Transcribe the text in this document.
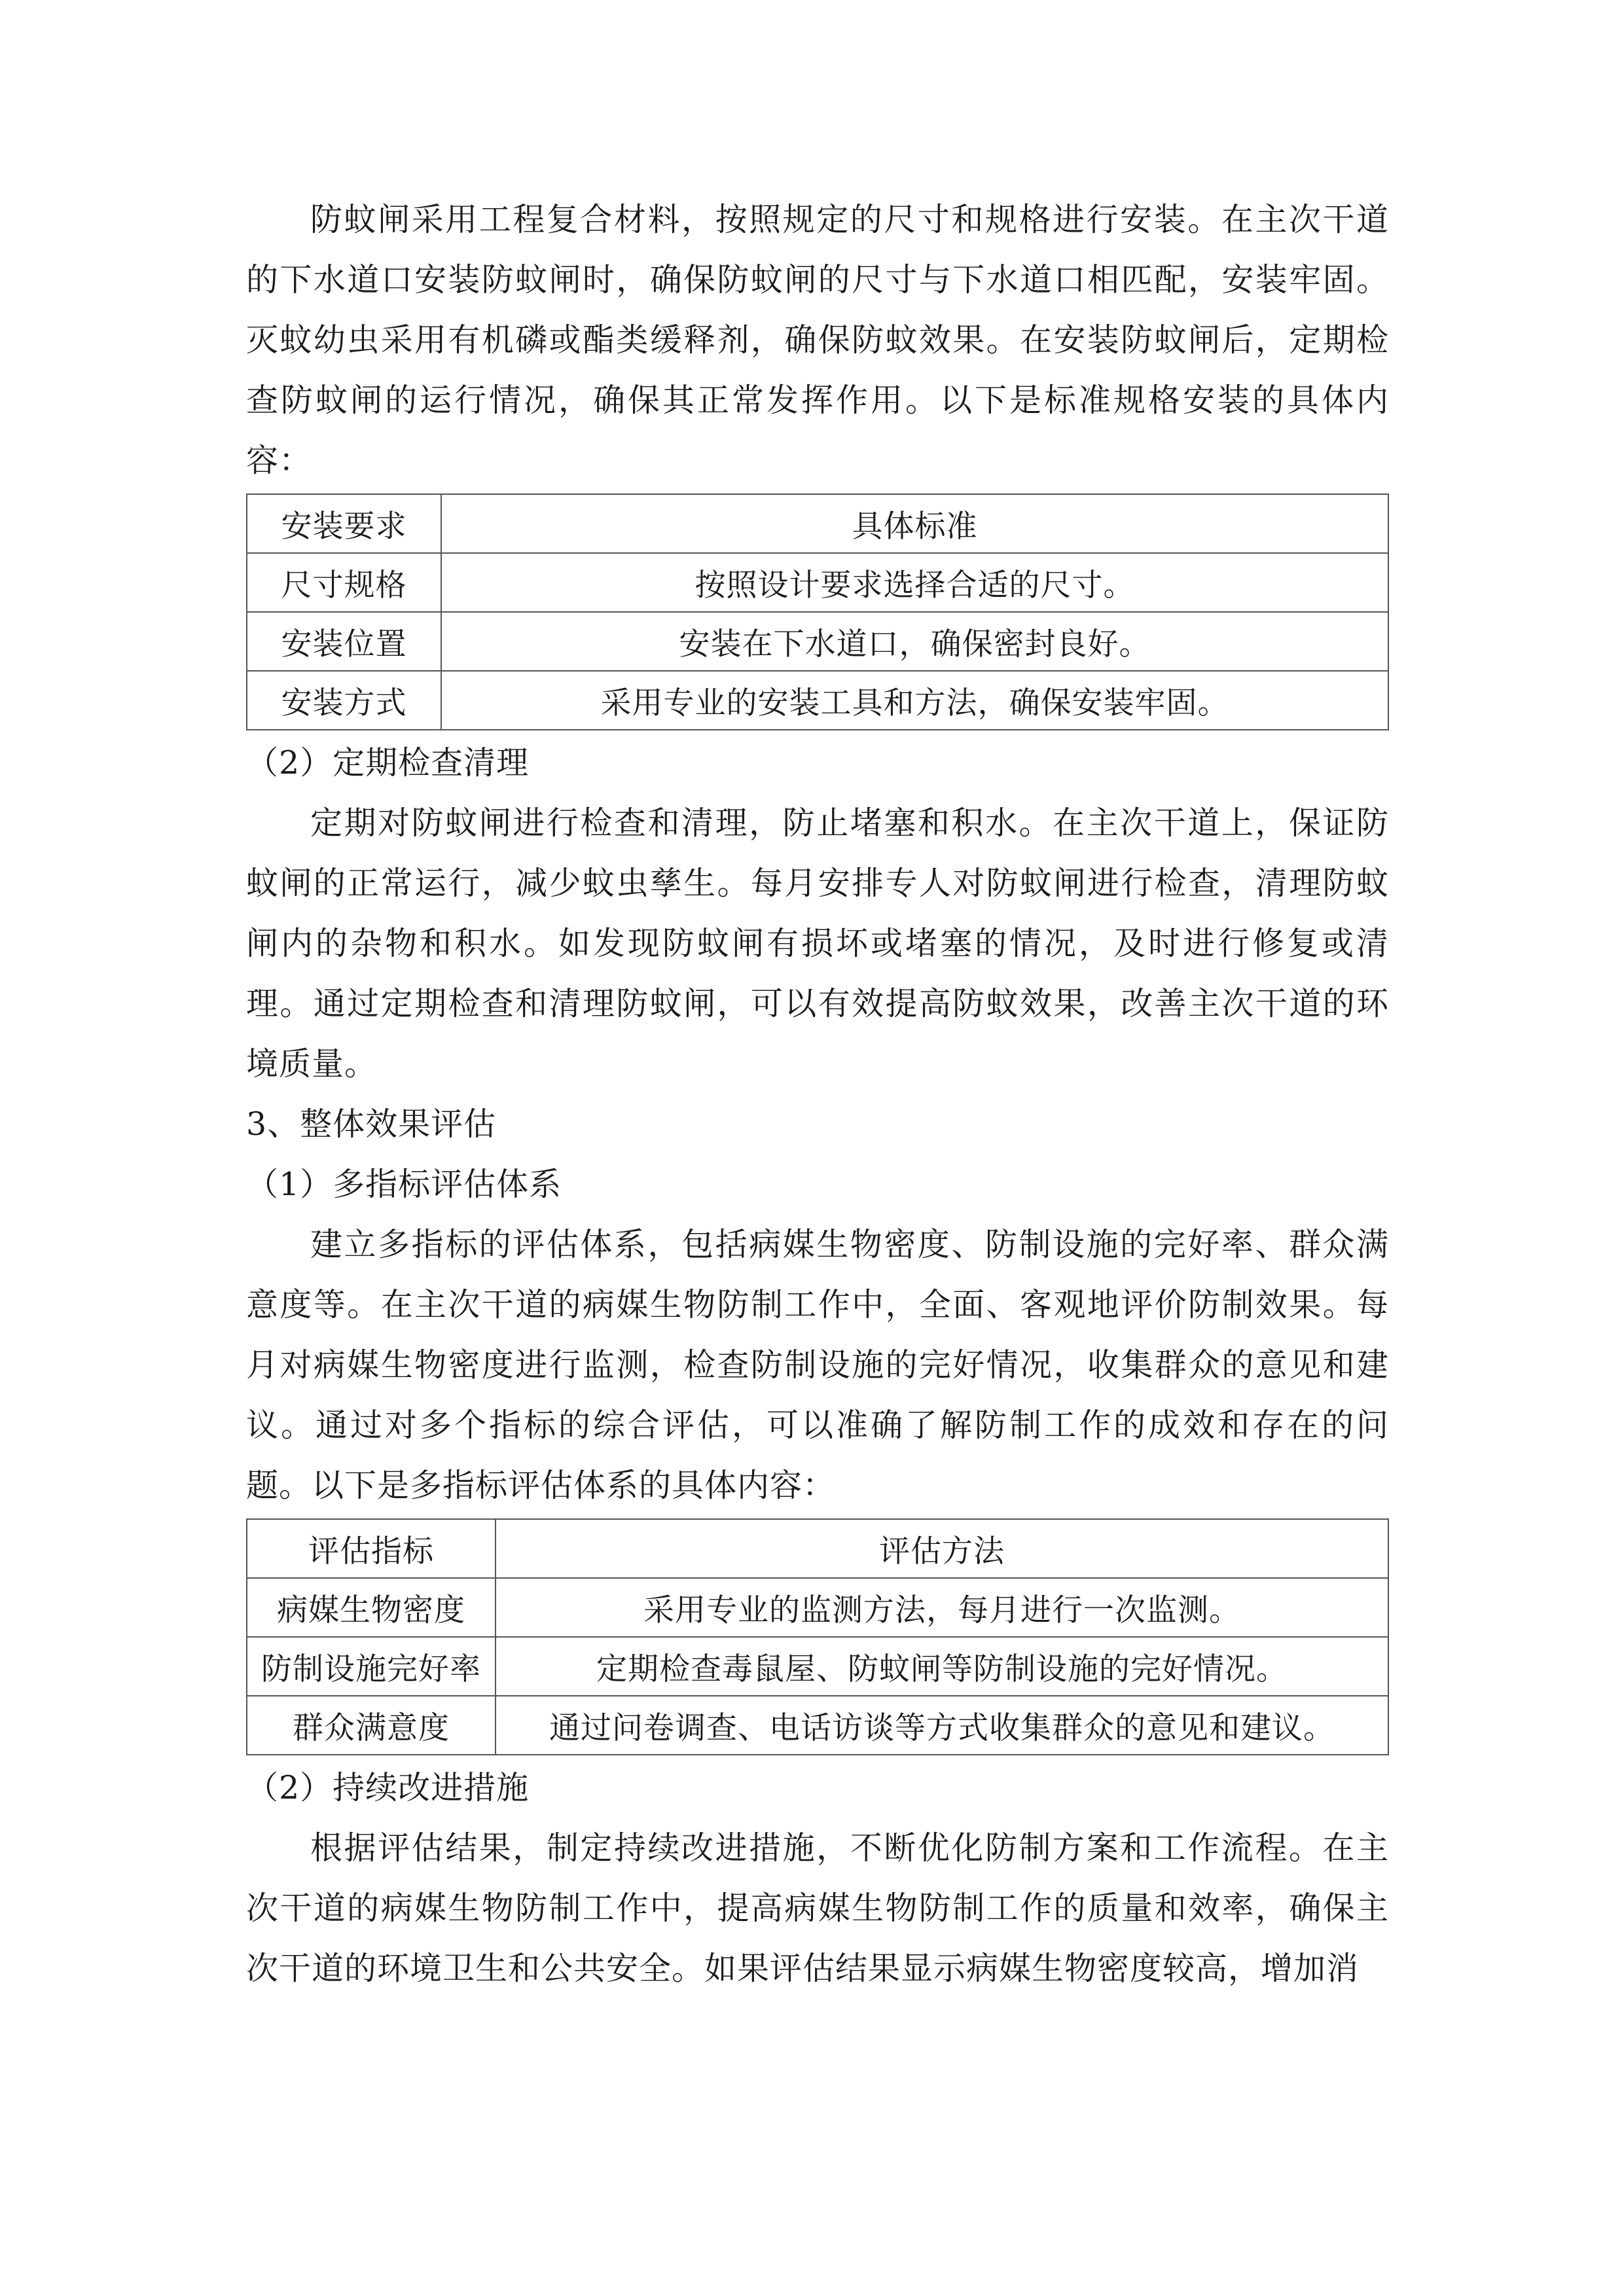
防蚊闸采用工程复合材料，按照规定的尺寸和规格进行安装。在主次干道的下水道口安装防蚊闸时，确保防蚊闸的尺寸与下水道口相匹配，安装牢固。灭蚊幼虫采用有机磷或酯类缓释剂，确保防蚊效果。在安装防蚊闸后，定期检查防蚊闸的运行情况，确保其正常发挥作用。以下是标准规格安装的具体内容：

安装要求	具体标准
尺寸规格	按照设计要求选择合适的尺寸。
安装位置	安装在下水道口，确保密封良好。
安装方式	采用专业的安装工具和方法，确保安装牢固。

（2）定期检查清理

定期对防蚊闸进行检查和清理，防止堵塞和积水。在主次干道上，保证防蚊闸的正常运行，减少蚊虫孳生。每月安排专人对防蚊闸进行检查，清理防蚊闸内的杂物和积水。如发现防蚊闸有损坏或堵塞的情况，及时进行修复或清理。通过定期检查和清理防蚊闸，可以有效提高防蚊效果，改善主次干道的环境质量。

3、整体效果评估

（1）多指标评估体系

建立多指标的评估体系，包括病媒生物密度、防制设施的完好率、群众满意度等。在主次干道的病媒生物防制工作中，全面、客观地评价防制效果。每月对病媒生物密度进行监测，检查防制设施的完好情况，收集群众的意见和建议。通过对多个指标的综合评估，可以准确了解防制工作的成效和存在的问题。以下是多指标评估体系的具体内容：

评估指标	评估方法
病媒生物密度	采用专业的监测方法，每月进行一次监测。
防制设施完好率	定期检查毒鼠屋、防蚊闸等防制设施的完好情况。
群众满意度	通过问卷调查、电话访谈等方式收集群众的意见和建议。

（2）持续改进措施

根据评估结果，制定持续改进措施，不断优化防制方案和工作流程。在主次干道的病媒生物防制工作中，提高病媒生物防制工作的质量和效率，确保主次干道的环境卫生和公共安全。如果评估结果显示病媒生物密度较高，增加消
